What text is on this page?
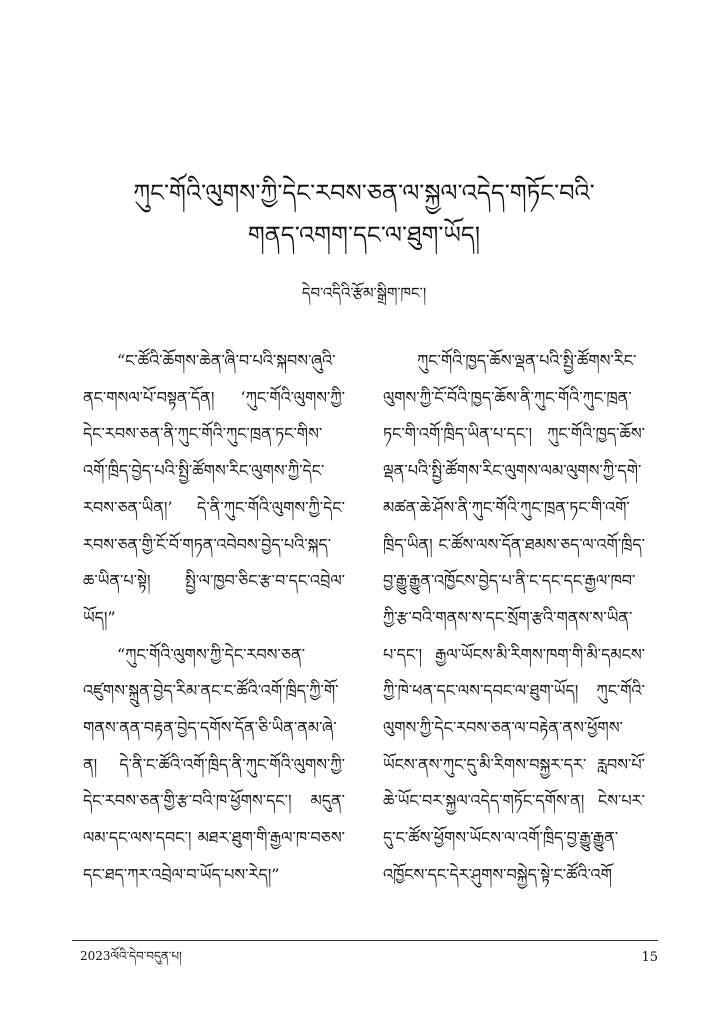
ཀུང་གོའི་ལུགས་ཀྱི་དེང་རབས་ཅན་ལ་སྐྱལ་འདེད་གཏོང་བའི་
གནད་འགག་དང་ལ་ཐུག་ཡོད།
དེབ་འདིའི་རྩོམ་སྒྲིག་ཁང་།

“ང་ཚོའི་ཆོགས་ཆེན་ཞི་བ་པའི་སྐབས་ཞུའི་ནང་གསལ་པོ་བསྟན་དོན། ‘ཀུང་གོའི་ལུགས་ཀྱི་དེང་རབས་ཅན་ནི་ཀུང་གོའི་ཀུང་ཁྲན་ཏང་གིས་འགོ་ཁྲིད་བྱེད་པའི་སྤྱི་ཚོགས་རིང་ལུགས་ཀྱི་དེང་རབས་ཅན་ཡིན།’ དེ་ནི་ཀུང་གོའི་ལུགས་ཀྱི་དེང་རབས་ཅན་གྱི་ངོ་བོ་གཏན་འབེབས་བྱེད་པའི་སྐད་ཆ་ཡིན་པ་སྟེ། སྤྱི་ལ་ཁྱབ་ཅིང་རྩ་བ་དང་འབྲེལ་ཡོད།”

“ཀུང་གོའི་ལུགས་ཀྱི་དེང་རབས་ཅན་འཛུགས་སྐྲུན་བྱེད་རིམ་ནང་ང་ཚོའི་འགོ་ཁྲིད་ཀྱི་གོ་གནས་ནན་བརྟན་བྱེད་དགོས་དོན་ཅི་ཡིན་ནམ་ཞེ་ན། དེ་ནི་ང་ཚོའི་འགོ་ཁྲིད་ནི་ཀུང་གོའི་ལུགས་ཀྱི་དེང་རབས་ཅན་གྱི་རྩ་བའི་ཁ་ཕྱོགས་དང་། མདུན་ལམ་དང་ལས་དབང་། མཐར་ཐུག་གི་རྒྱལ་ཁ་བཅས་དང་ཐད་ཀར་འབྲེལ་བ་ཡོད་པས་རེད།”

ཀུང་གོའི་ཁྱད་ཆོས་ལྡན་པའི་སྤྱི་ཚོགས་རིང་ལུགས་ཀྱི་ངོ་བོའི་ཁྱད་ཆོས་ནི་ཀུང་གོའི་ཀུང་ཁྲན་ཏང་གི་འགོ་ཁྲིད་ཡིན་པ་དང་། ཀུང་གོའི་ཁྱད་ཆོས་ལྡན་པའི་སྤྱི་ཚོགས་རིང་ལུགས་ལམ་ལུགས་ཀྱི་དགེ་མཚན་ཆེ་ཤོས་ནི་ཀུང་གོའི་ཀུང་ཁྲན་ཏང་གི་འགོ་ཁྲིད་ཡིན། ང་ཚོས་ལས་དོན་ཐམས་ཅད་ལ་འགོ་ཁྲིད་བྱ་རྒྱུ་རྒྱུན་འཁྱོངས་བྱེད་པ་ནི་ང་དང་དང་རྒྱལ་ཁབ་ཀྱི་རྩ་བའི་གནས་ས་དང་སྲོག་རྩའི་གནས་ས་ཡིན་པ་དང་། རྒྱལ་ཡོངས་མི་རིགས་ཁག་གི་མི་དམངས་ཀྱི་ཁེ་ཕན་དང་ལས་དབང་ལ་ཐུག་ཡོད། ཀུང་གོའི་ལུགས་ཀྱི་དེང་རབས་ཅན་ལ་བརྟེན་ནས་ཕྱོགས་ཡོངས་ནས་ཀུང་དུ་མི་རིགས་བསྐྱར་དར་ རླབས་པོ་ཆེ་ཡོང་བར་སྐྱལ་འདེད་གཏོང་དགོས་ན། ངེས་པར་དུ་ང་ཚོས་ཕྱོགས་ཡོངས་ལ་འགོ་ཁྲིད་བྱ་རྒྱུ་རྒྱུན་འཁྱོངས་དང་དེར་ཤུགས་བསྐྱེད་སྟེ་ང་ཚོའི་འགོ

2023ལོའི་དེབ་བདུན་པ།	15
